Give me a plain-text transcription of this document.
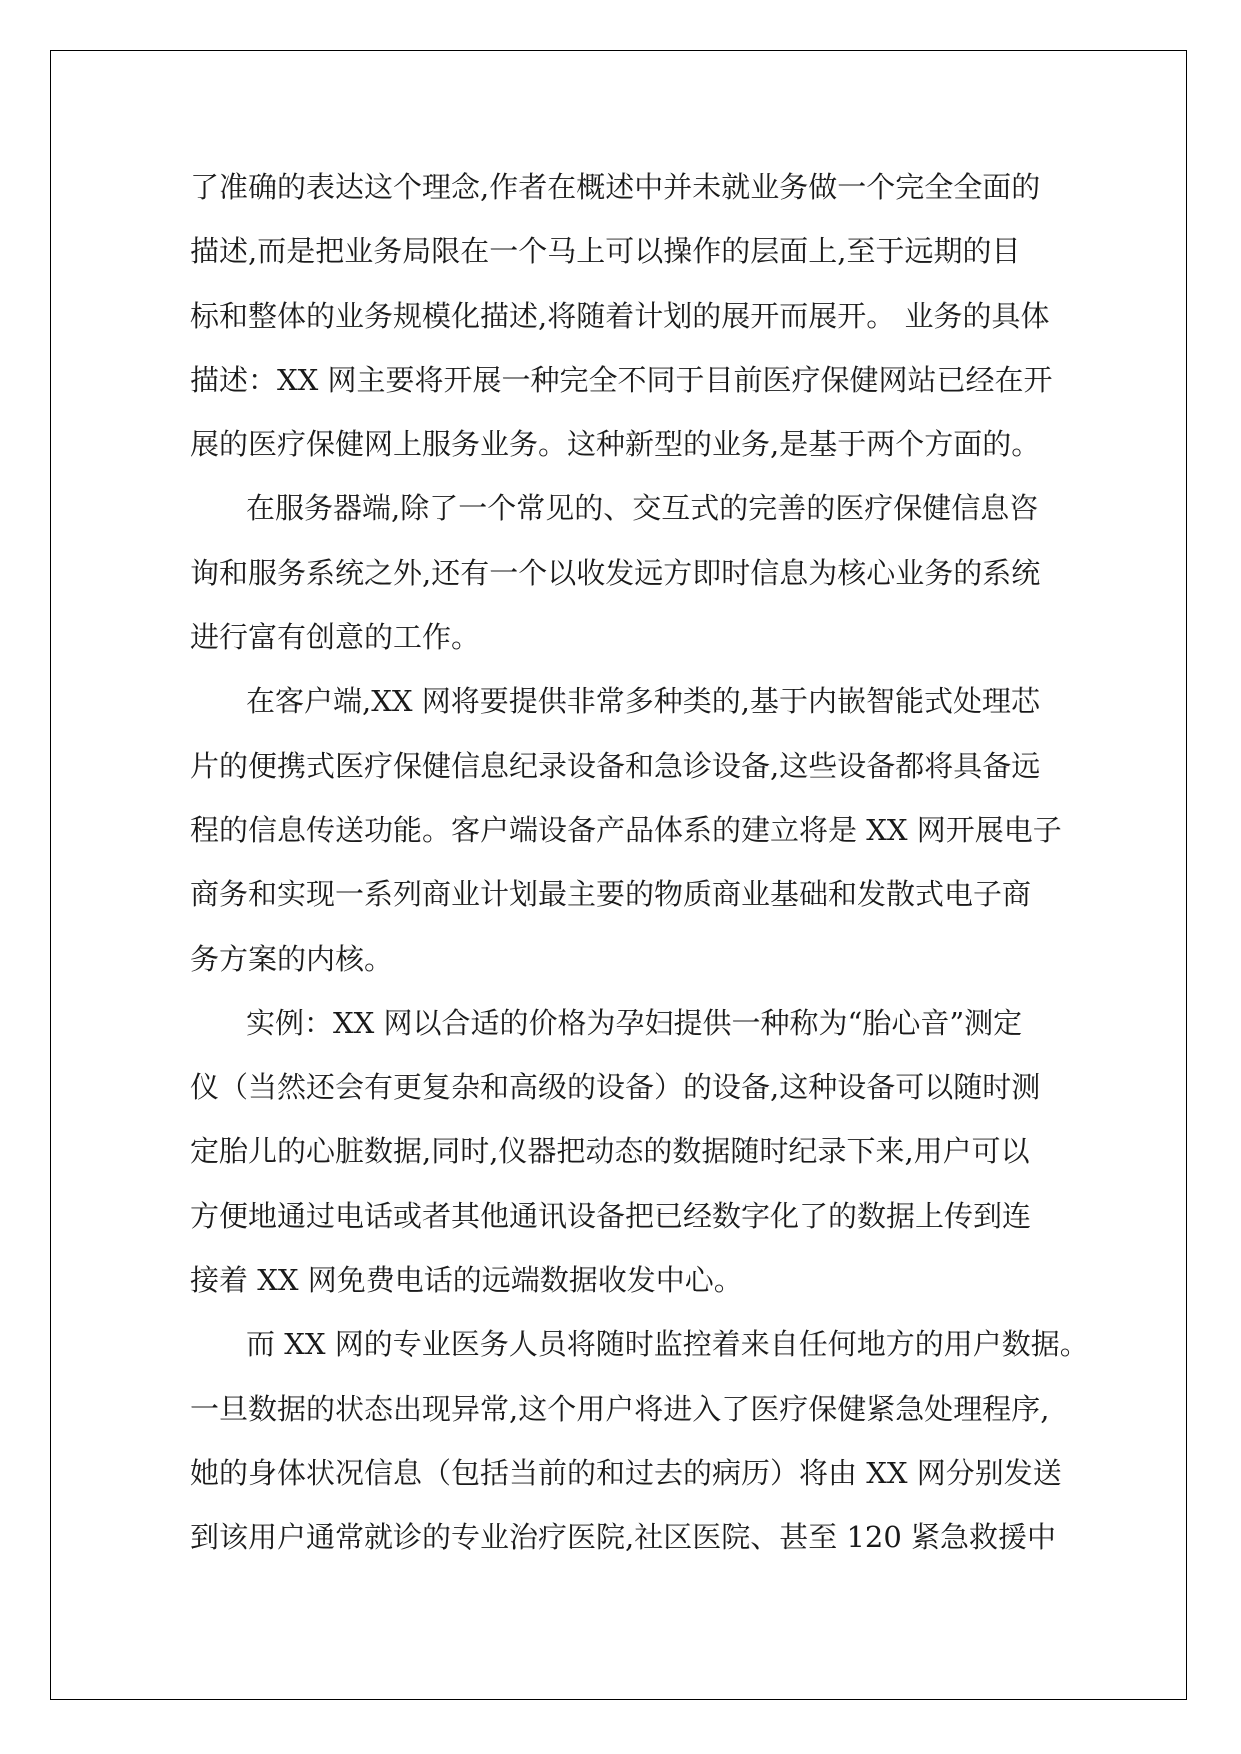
了准确的表达这个理念,作者在概述中并未就业务做一个完全全面的
描述,而是把业务局限在一个马上可以操作的层面上,至于远期的目
标和整体的业务规模化描述,将随着计划的展开而展开。 业务的具体
描述：XX 网主要将开展一种完全不同于目前医疗保健网站已经在开
展的医疗保健网上服务业务。这种新型的业务,是基于两个方面的。
在服务器端,除了一个常见的、交互式的完善的医疗保健信息咨
询和服务系统之外,还有一个以收发远方即时信息为核心业务的系统
进行富有创意的工作。
在客户端,XX 网将要提供非常多种类的,基于内嵌智能式处理芯
片的便携式医疗保健信息纪录设备和急诊设备,这些设备都将具备远
程的信息传送功能。客户端设备产品体系的建立将是 XX 网开展电子
商务和实现一系列商业计划最主要的物质商业基础和发散式电子商
务方案的内核。
实例：XX 网以合适的价格为孕妇提供一种称为“胎心音”测定
仪（当然还会有更复杂和高级的设备）的设备,这种设备可以随时测
定胎儿的心脏数据,同时,仪器把动态的数据随时纪录下来,用户可以
方便地通过电话或者其他通讯设备把已经数字化了的数据上传到连
接着 XX 网免费电话的远端数据收发中心。
而 XX 网的专业医务人员将随时监控着来自任何地方的用户数据。
一旦数据的状态出现异常,这个用户将进入了医疗保健紧急处理程序,
她的身体状况信息（包括当前的和过去的病历）将由 XX 网分别发送
到该用户通常就诊的专业治疗医院,社区医院、甚至 120 紧急救援中
